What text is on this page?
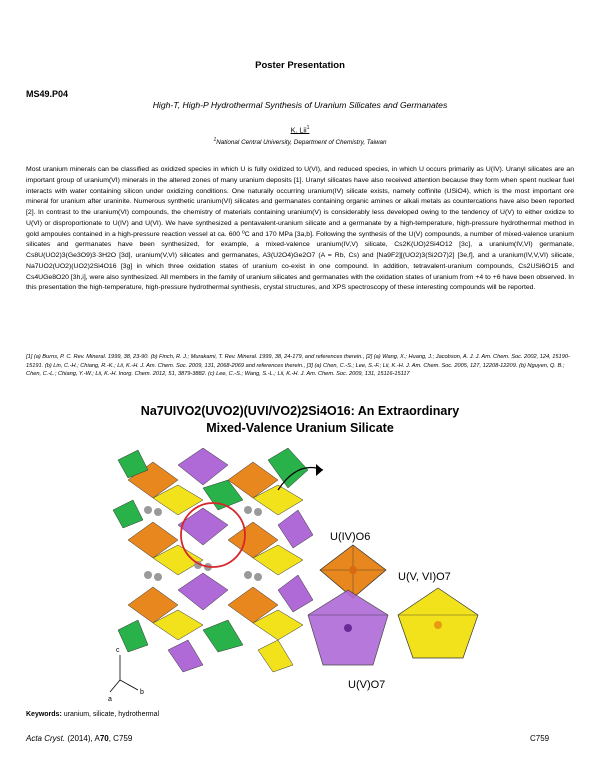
Poster Presentation
MS49.P04
High-T, High-P Hydrothermal Synthesis of Uranium Silicates and Germanates
K. Lii$^1$
$^1$National Central University, Department of Chemistry, Taiwan
Most uranium minerals can be classified as oxidized species in which U is fully oxidized to U(VI), and reduced species, in which U occurs primarily as U(IV). Uranyl silicates are an important group of uranium(VI) minerals in the altered zones of many uranium deposits [1]. Uranyl silicates have also received attention because they form when spent nuclear fuel interacts with water containing silicon under oxidizing conditions. One naturally occurring uranium(IV) silicate exists, namely coffinite (USiO4), which is the most important ore mineral for uranium after uraninite. Numerous synthetic uranium(VI) silicates and germanates containing organic amines or alkali metals as countercations have also been reported [2]. In contrast to the uranium(VI) compounds, the chemistry of materials containing uranium(V) is considerably less developed owing to the tendency of U(V) to either oxidize to U(VI) or disproportionate to U(IV) and U(VI). We have synthesized a pentavalent-uranium silicate and a germanate by a high-temperature, high-pressure hydrothermal method in gold ampoules contained in a high-pressure reaction vessel at ca. 600 ºC and 170 MPa [3a,b]. Following the synthesis of the U(V) compounds, a number of mixed-valence uranium silicates and germanates have been synthesized, for example, a mixed-valence uranium(IV,V) silicate, Cs2K(UO)2Si4O12 [3c], a uranium(IV,VI) germanate, Cs8U(UO2)3(Ge3O9)3·3H2O [3d], uranium(V,VI) silicates and germanates, A3(U2O4)Ge2O7 (A = Rb, Cs) and [Na9F2][(UO2)3(Si2O7)2] [3e,f], and a uranium(IV,V,VI) silicate, Na7UO2(UO2)(UO2)2Si4O16 [3g] in which three oxidation states of uranium co-exist in one compound. In addition, tetravalent-uranium compounds, Cs2USi6O15 and Cs4UGe8O20 [3h,i], were also synthesized. All members in the family of uranium silicates and germanates with the oxidation states of uranium from +4 to +6 have been observed. In this presentation the high-temperature, high-pressure hydrothermal synthesis, crystal structures, and XPS spectroscopy of these interesting compounds will be reported.
[1] (a) Burns, P. C. Rev. Mineral. 1999, 38, 23-90. (b) Finch, R. J.; Murakami, T. Rev. Mineral. 1999, 38, 24-179, and references therein., [2] (a) Wang, X.; Huang, J.; Jacobson, A. J. J. Am. Chem. Soc. 2002, 124, 15190-15191. (b) Lin, C.-H.; Chiang, R.-K.; Lii, K.-H. J. Am. Chem. Soc. 2009, 131, 2068-2069 and references therein., [3] (a) Chen, C.-S.; Lee, S.-F.; Lii, K.-H. J. Am. Chem. Soc. 2005, 127, 12208-12209. (b) Nguyen, Q. B.; Chen, C.-L.; Chiang, Y.-W.; Lii, K.-H. Inorg. Chem. 2012, 51, 3879-3882. (c) Lee, C.-S.; Wang, S.-L.; Lii, K.-H. J. Am. Chem. Soc. 2009, 131, 15116-15117
Na7UIVO2(UVO2)(UVI/VO2)2Si4O16: An Extraordinary
Mixed-Valence Uranium Silicate
c
b
a
U(IV)O6
U(V)O7
U(V, VI)O7
Keywords: uranium, silicate, hydrothermal
Acta Cryst. (2014), A70, C759	C759
